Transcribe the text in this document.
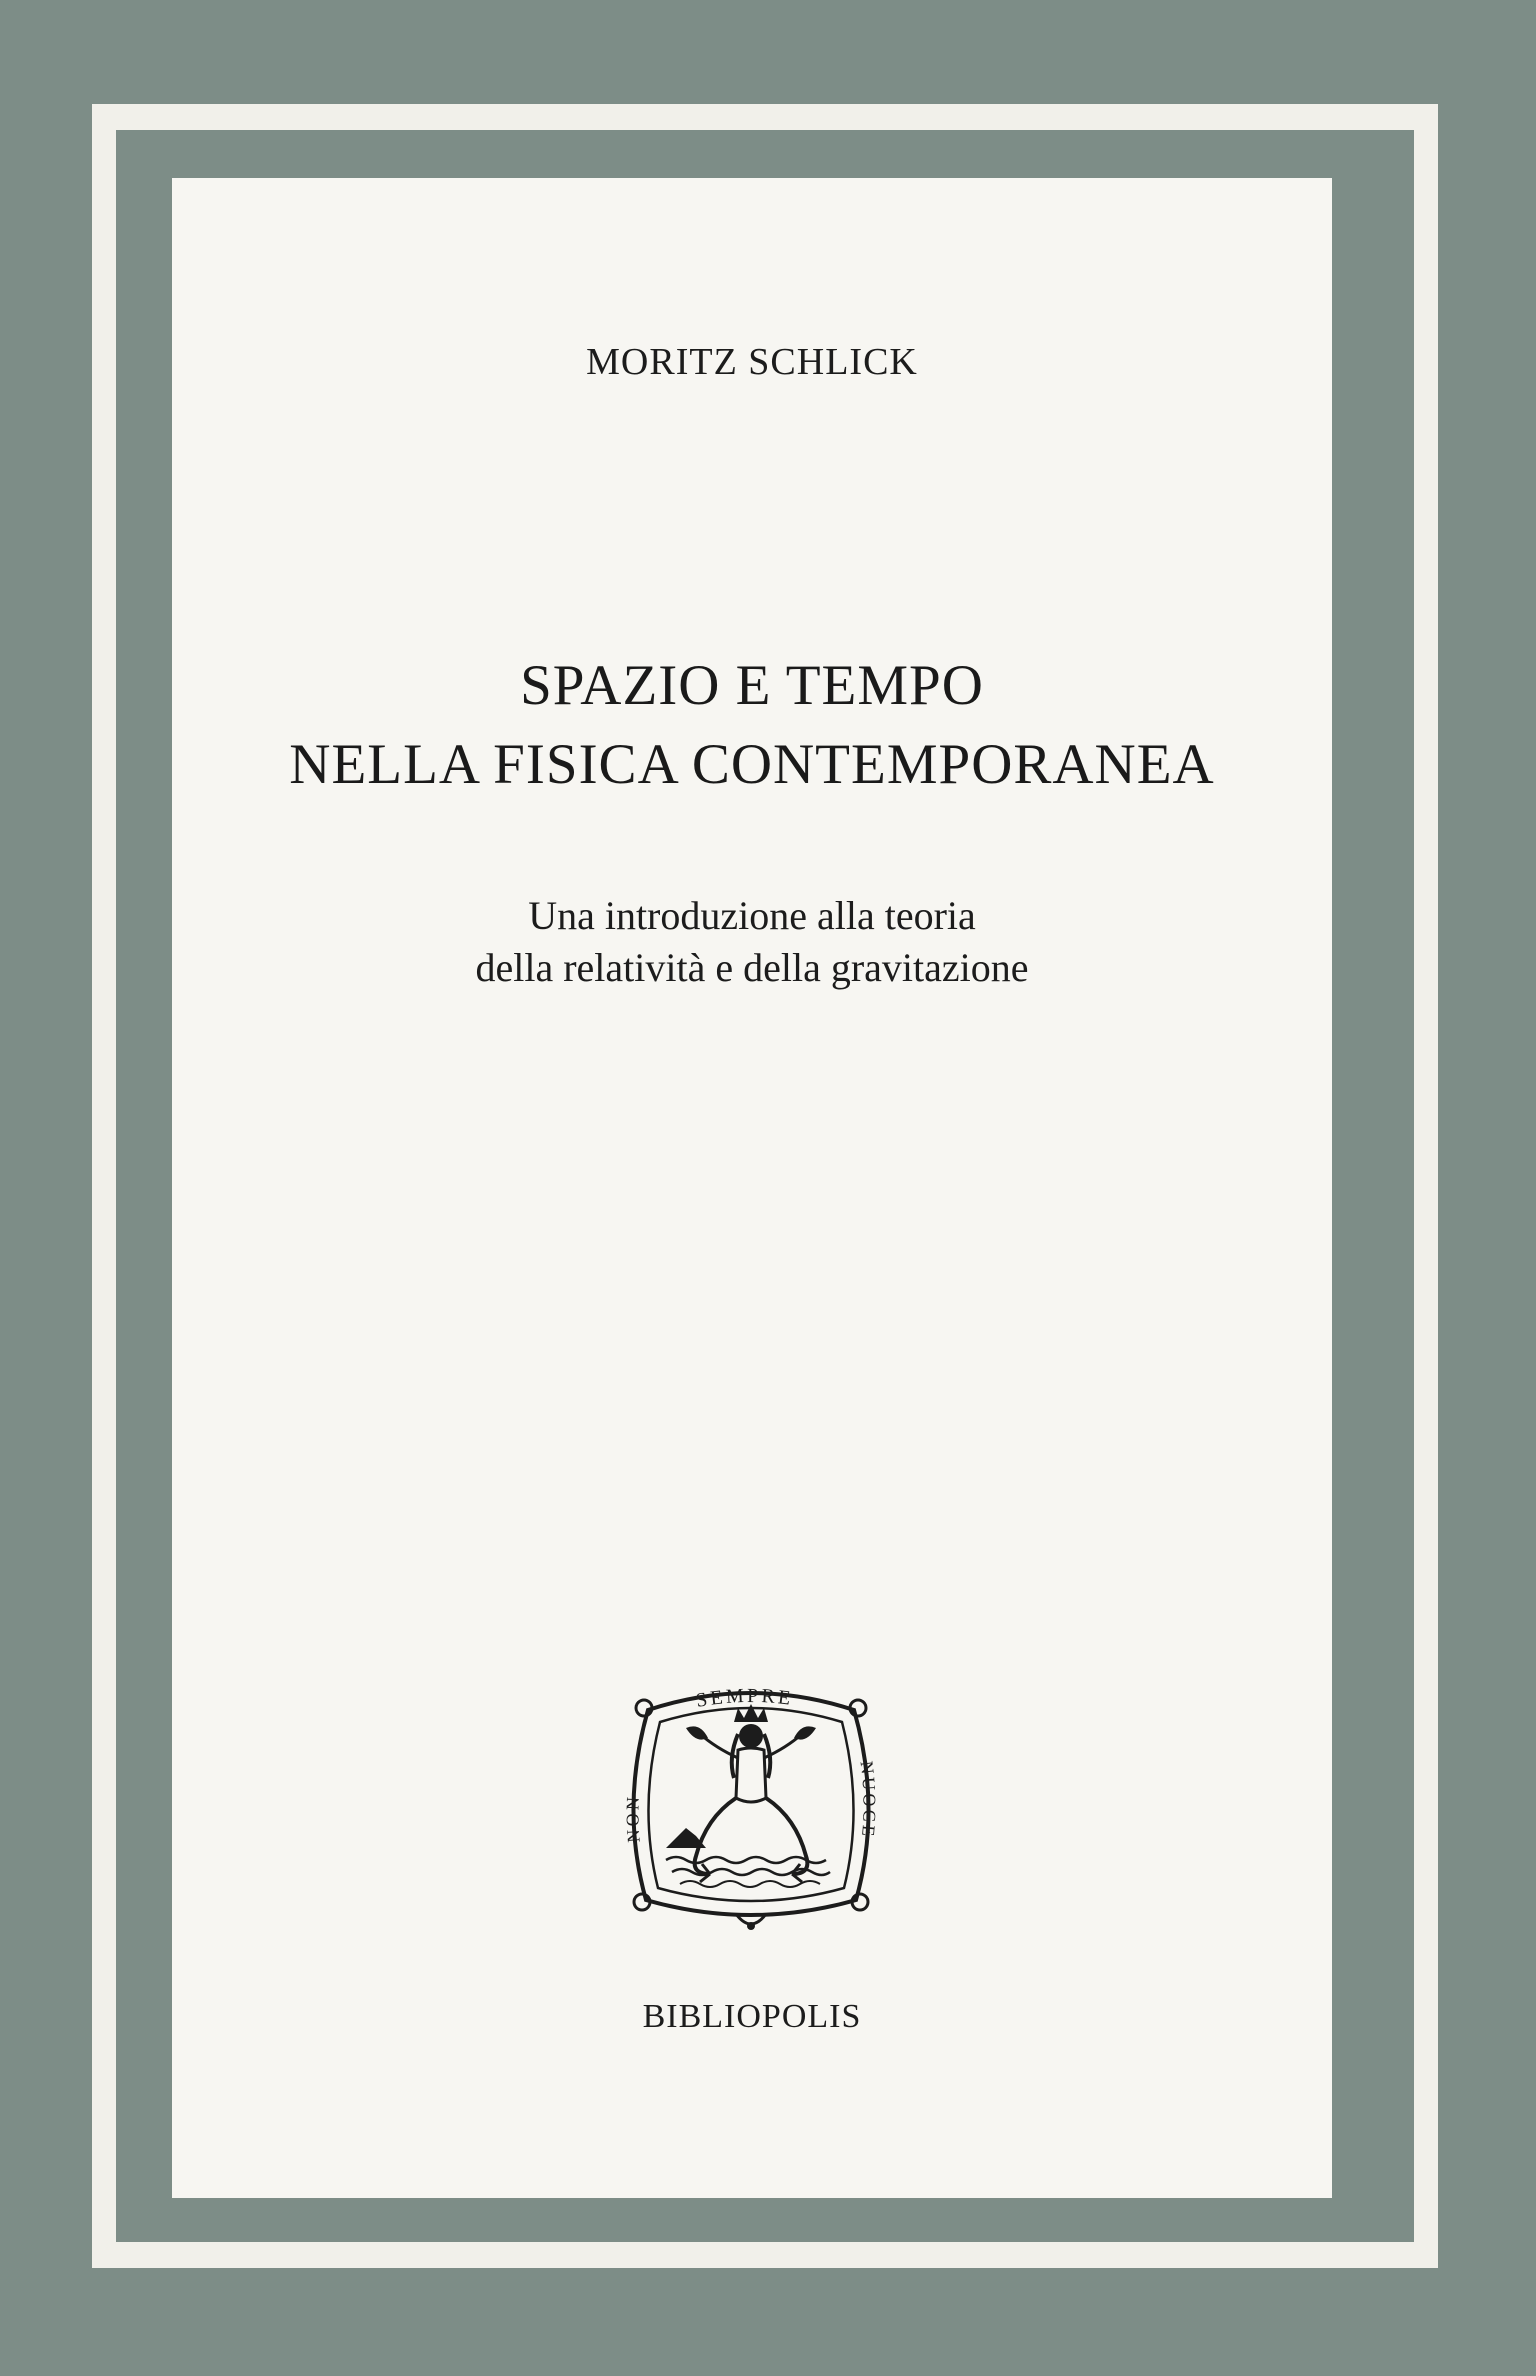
MORITZ SCHLICK
SPAZIO E TEMPO
NELLA FISICA CONTEMPORANEA
Una introduzione alla teoria
della relatività e della gravitazione
SEMPRE
NUOCE
NON
BIBLIOPOLIS
